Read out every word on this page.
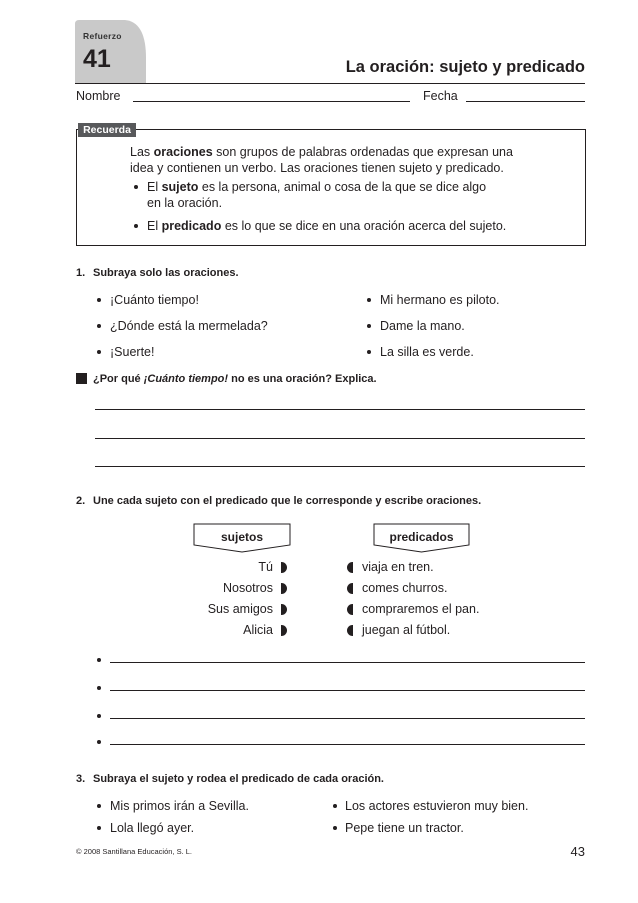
Refuerzo
41	La oración: sujeto y predicado
Nombre	Fecha
Recuerda
Las oraciones son grupos de palabras ordenadas que expresan una
idea y contienen un verbo. Las oraciones tienen sujeto y predicado.
El sujeto es la persona, animal o cosa de la que se dice algo
en la oración.
El predicado es lo que se dice en una oración acerca del sujeto.
1. Subraya solo las oraciones.
¡Cuánto tiempo!
¿Dónde está la mermelada?
¡Suerte!
Mi hermano es piloto.
Dame la mano.
La silla es verde.
¿Por qué ¡Cuánto tiempo! no es una oración? Explica.
2. Une cada sujeto con el predicado que le corresponde y escribe oraciones.
sujetos	predicados
Tú
Nosotros
Sus amigos
Alicia
viaja en tren.
comes churros.
compraremos el pan.
juegan al fútbol.
3. Subraya el sujeto y rodea el predicado de cada oración.
Mis primos irán a Sevilla.
Lola llegó ayer.
Los actores estuvieron muy bien.
Pepe tiene un tractor.
© 2008 Santillana Educación, S. L.	43
